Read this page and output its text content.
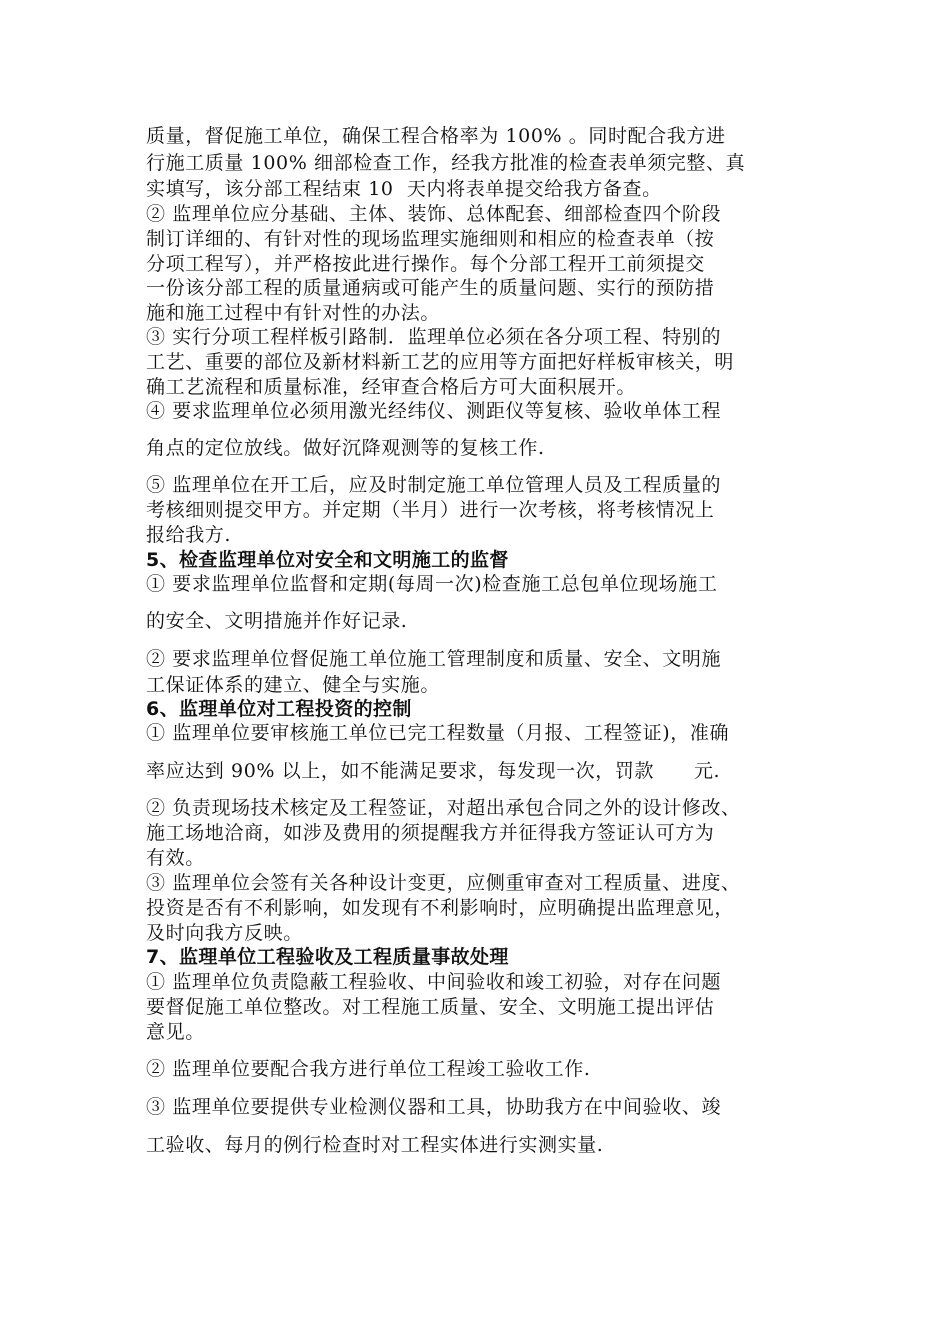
质量，督促施工单位，确保工程合格率为 100% 。同时配合我方进
行施工质量 100% 细部检查工作，经我方批准的检查表单须完整、真
实填写，该分部工程结束 10  天内将表单提交给我方备查。
② 监理单位应分基础、主体、装饰、总体配套、细部检查四个阶段
制订详细的、有针对性的现场监理实施细则和相应的检查表单（按
分项工程写），并严格按此进行操作。每个分部工程开工前须提交
一份该分部工程的质量通病或可能产生的质量问题、实行的预防措
施和施工过程中有针对性的办法。
③ 实行分项工程样板引路制．监理单位必须在各分项工程、特别的
工艺、重要的部位及新材料新工艺的应用等方面把好样板审核关，明
确工艺流程和质量标准，经审查合格后方可大面积展开。
④ 要求监理单位必须用激光经纬仪、测距仪等复核、验收单体工程
角点的定位放线。做好沉降观测等的复核工作.
⑤ 监理单位在开工后，应及时制定施工单位管理人员及工程质量的
考核细则提交甲方。并定期（半月）进行一次考核，将考核情况上
报给我方.
5、检查监理单位对安全和文明施工的监督
① 要求监理单位监督和定期(每周一次)检查施工总包单位现场施工
的安全、文明措施并作好记录.
② 要求监理单位督促施工单位施工管理制度和质量、安全、文明施
工保证体系的建立、健全与实施。
6、监理单位对工程投资的控制
① 监理单位要审核施工单位已完工程数量（月报、工程签证)，准确
率应达到 90% 以上，如不能满足要求，每发现一次，罚款      元.
② 负责现场技术核定及工程签证，对超出承包合同之外的设计修改、
施工场地洽商，如涉及费用的须提醒我方并征得我方签证认可方为
有效。
③ 监理单位会签有关各种设计变更，应侧重审查对工程质量、进度、
投资是否有不利影响，如发现有不利影响时，应明确提出监理意见，
及时向我方反映。
7、监理单位工程验收及工程质量事故处理
① 监理单位负责隐蔽工程验收、中间验收和竣工初验，对存在问题
要督促施工单位整改。对工程施工质量、安全、文明施工提出评估
意见。
② 监理单位要配合我方进行单位工程竣工验收工作.
③ 监理单位要提供专业检测仪器和工具，协助我方在中间验收、竣
工验收、每月的例行检查时对工程实体进行实测实量.
